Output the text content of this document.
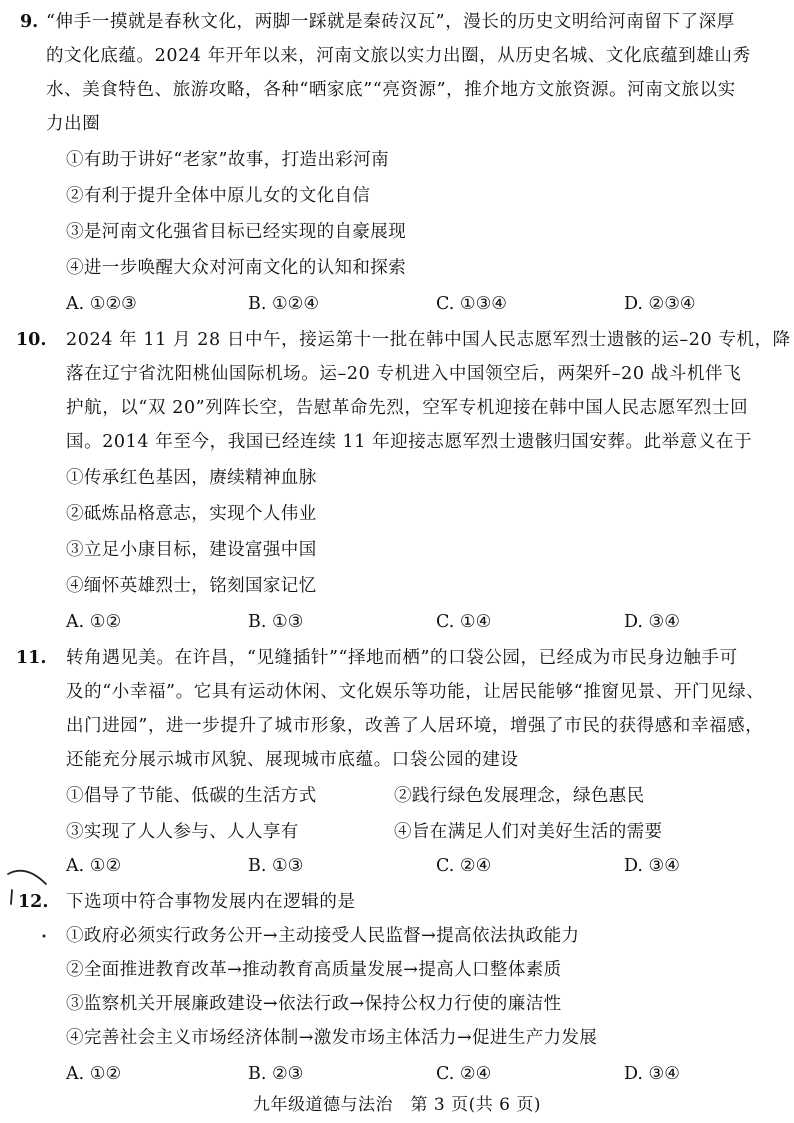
9. “伸手一摸就是春秋文化，两脚一踩就是秦砖汉瓦”，漫长的历史文明给河南留下了深厚
的文化底蕴。2024 年开年以来，河南文旅以实力出圈，从历史名城、文化底蕴到雄山秀
水、美食特色、旅游攻略，各种“晒家底”“亮资源”，推介地方文旅资源。河南文旅以实
力出圈
①有助于讲好“老家”故事，打造出彩河南
②有利于提升全体中原儿女的文化自信
③是河南文化强省目标已经实现的自豪展现
④进一步唤醒大众对河南文化的认知和探索
A. ①②③	B. ①②④	C. ①③④	D. ②③④
10. 2024 年 11 月 28 日中午，接运第十一批在韩中国人民志愿军烈士遗骸的运–20 专机，降
落在辽宁省沈阳桃仙国际机场。运–20 专机进入中国领空后，两架歼–20 战斗机伴飞
护航，以“双 20”列阵长空，告慰革命先烈，空军专机迎接在韩中国人民志愿军烈士回
国。2014 年至今，我国已经连续 11 年迎接志愿军烈士遗骸归国安葬。此举意义在于
①传承红色基因，赓续精神血脉
②砥炼品格意志，实现个人伟业
③立足小康目标，建设富强中国
④缅怀英雄烈士，铭刻国家记忆
A. ①②	B. ①③	C. ①④	D. ③④
11. 转角遇见美。在许昌，“见缝插针”“择地而栖”的口袋公园，已经成为市民身边触手可
及的“小幸福”。它具有运动休闲、文化娱乐等功能，让居民能够“推窗见景、开门见绿、
出门进园”，进一步提升了城市形象，改善了人居环境，增强了市民的获得感和幸福感，
还能充分展示城市风貌、展现城市底蕴。口袋公园的建设
①倡导了节能、低碳的生活方式	②践行绿色发展理念，绿色惠民
③实现了人人参与、人人享有	④旨在满足人们对美好生活的需要
A. ①②	B. ①③	C. ②④	D. ③④
12. 下选项中符合事物发展内在逻辑的是
①政府必须实行政务公开→主动接受人民监督→提高依法执政能力
②全面推进教育改革→推动教育高质量发展→提高人口整体素质
③监察机关开展廉政建设→依法行政→保持公权力行使的廉洁性
④完善社会主义市场经济体制→激发市场主体活力→促进生产力发展
A. ①②	B. ②③	C. ②④	D. ③④
九年级道德与法治　第 3 页(共 6 页)
